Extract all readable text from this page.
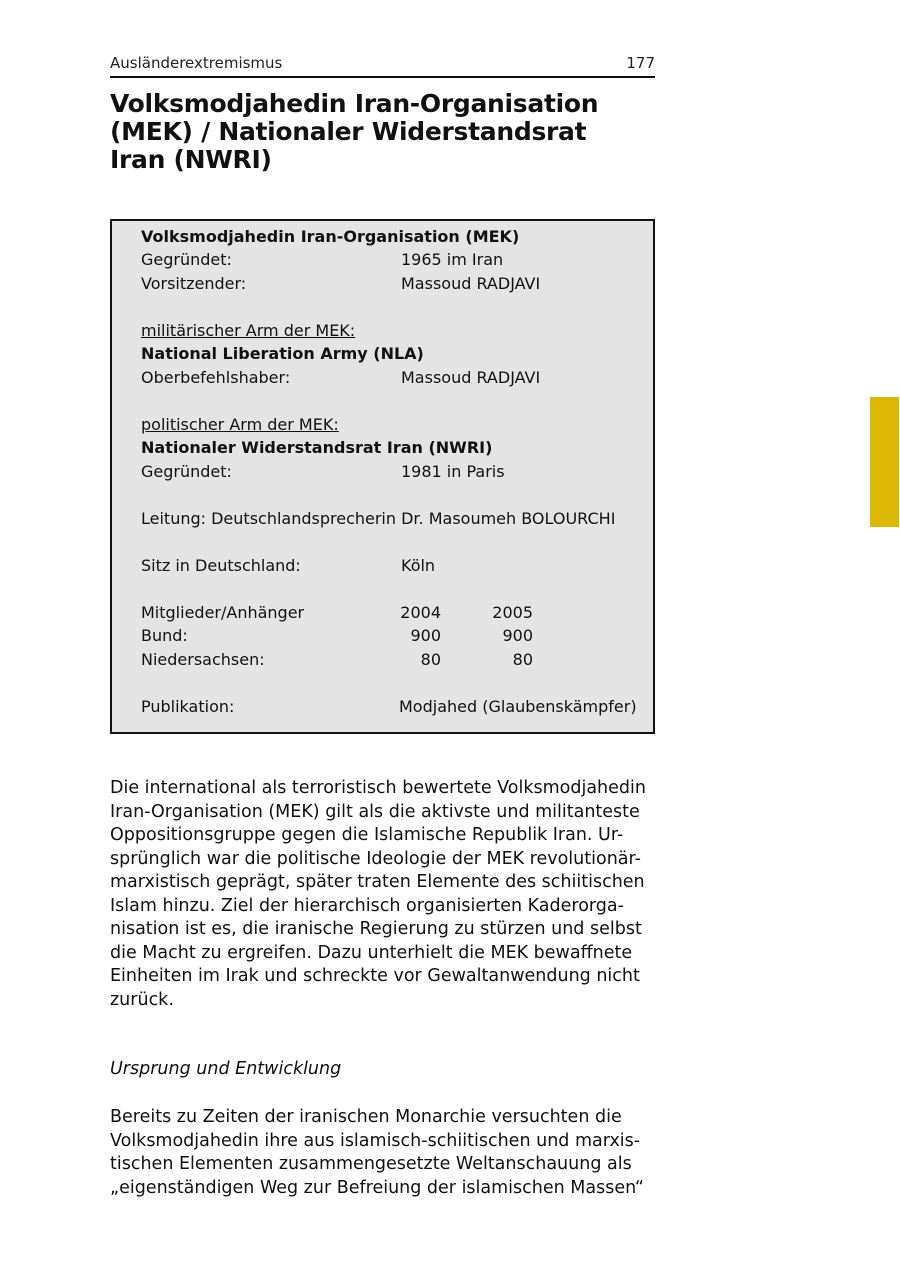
Ausländerextremismus	177
Volksmodjahedin Iran-Organisation
(MEK) / Nationaler Widerstandsrat
Iran (NWRI)
Volksmodjahedin Iran-Organisation (MEK)
Gegründet:	1965 im Iran
Vorsitzender:	Massoud RADJAVI
militärischer Arm der MEK:
National Liberation Army (NLA)
Oberbefehlshaber:	Massoud RADJAVI
politischer Arm der MEK:
Nationaler Widerstandsrat Iran (NWRI)
Gegründet:	1981 in Paris
Leitung: Deutschlandsprecherin Dr. Masoumeh BOLOURCHI
Sitz in Deutschland:	Köln
Mitglieder/Anhänger	2004	2005
Bund:	900	900
Niedersachsen:	80	80
Publikation:	Modjahed (Glaubenskämpfer)
Die international als terroristisch bewertete Volksmodjahedin
Iran-Organisation (MEK) gilt als die aktivste und militanteste
Oppositionsgruppe gegen die Islamische Republik Iran. Ur-
sprünglich war die politische Ideologie der MEK revolutionär-
marxistisch geprägt, später traten Elemente des schiitischen
Islam hinzu. Ziel der hierarchisch organisierten Kaderorga-
nisation ist es, die iranische Regierung zu stürzen und selbst
die Macht zu ergreifen. Dazu unterhielt die MEK bewaffnete
Einheiten im Irak und schreckte vor Gewaltanwendung nicht
zurück.
Ursprung und Entwicklung
Bereits zu Zeiten der iranischen Monarchie versuchten die
Volksmodjahedin ihre aus islamisch-schiitischen und marxis-
tischen Elementen zusammengesetzte Weltanschauung als
„eigenständigen Weg zur Befreiung der islamischen Massen“
